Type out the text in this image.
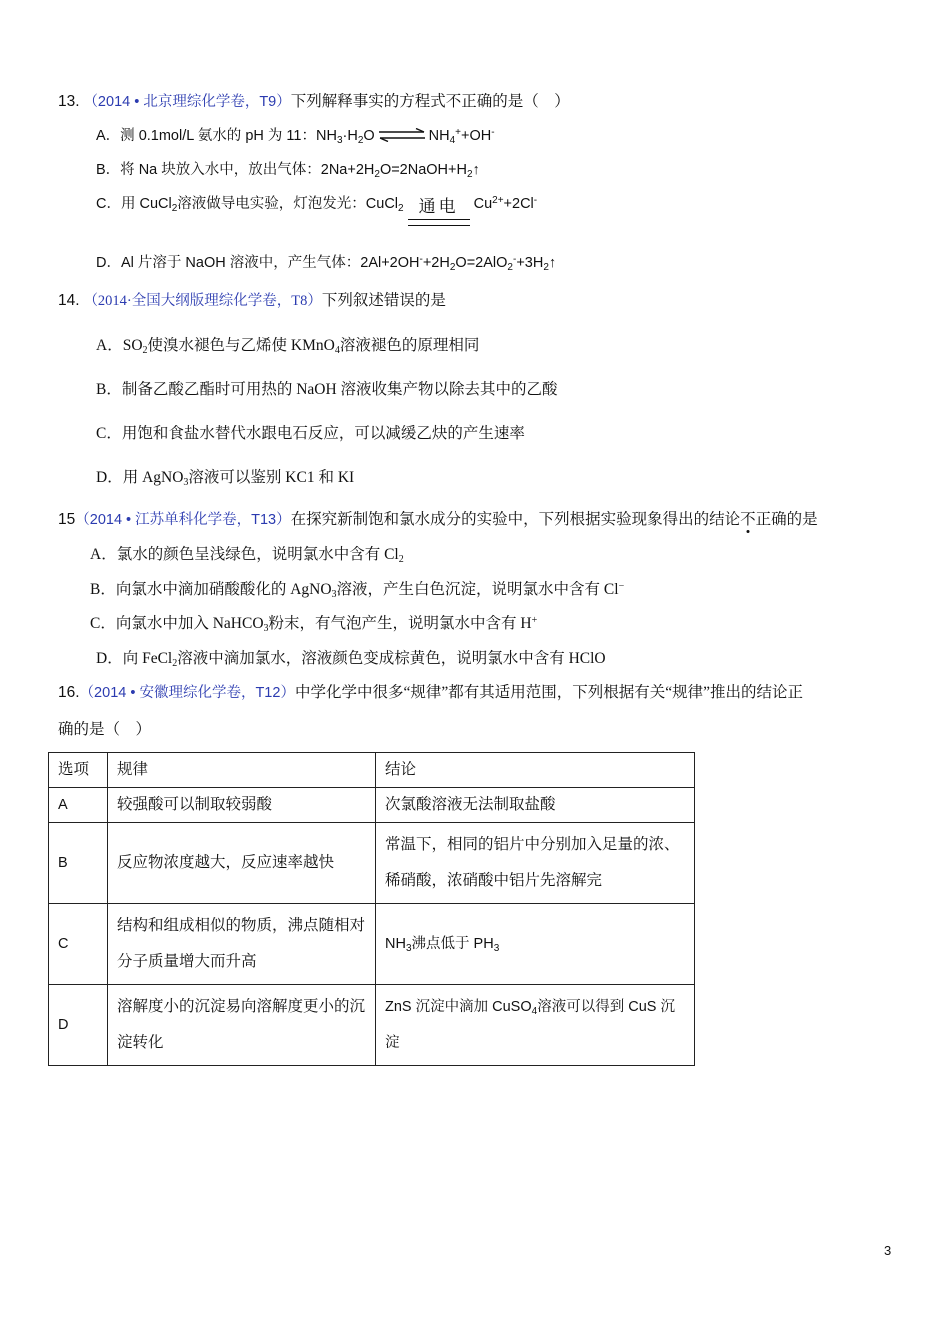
13. （2014 • 北京理综化学卷，T9）下列解释事实的方程式不正确的是（　）
A．测 0.1mol/L 氨水的 pH 为 11：$NH_3\cdot H_2O$ ⇌ $NH_4^++OH^-$
B．将 Na 块放入水中，放出气体：$2Na+2H_2O=2NaOH+H_2↑$
C．用 CuCl$_2$溶液做导电实验，灯泡发光：CuCl$_2$ 通电 $Cu^{2+}+2Cl^-$
D．Al 片溶于 NaOH 溶液中，产生气体：$2Al+2OH^-+2H_2O=2AlO_2^-+3H_2↑$
14. （2014·全国大纲版理综化学卷，T8）下列叙述错误的是
A．$SO_2$使溴水褪色与乙烯使 KMnO$_4$溶液褪色的原理相同
B．制备乙酸乙酯时可用热的 NaOH 溶液收集产物以除去其中的乙酸
C．用饱和食盐水替代水跟电石反应，可以减缓乙炔的产生速率
D．用 AgNO$_3$溶液可以鉴别 KC1 和 KI
15（2014 • 江苏单科化学卷，T13）在探究新制饱和氯水成分的实验中，下列根据实验现象得出的结论不正确的是
A．氯水的颜色呈浅绿色，说明氯水中含有 $Cl_2$
B．向氯水中滴加硝酸酸化的 AgNO$_3$溶液，产生白色沉淀，说明氯水中含有 Cl−
C．向氯水中加入 NaHCO$_3$粉末，有气泡产生，说明氯水中含有 H+
D．向 FeCl$_2$溶液中滴加氯水，溶液颜色变成棕黄色，说明氯水中含有 HClO
16.（2014 • 安徽理综化学卷，T12）中学化学中很多“规律”都有其适用范围，下列根据有关“规律”推出的结论正
确的是（　）
选项	规律	结论
A	较强酸可以制取较弱酸	次氯酸溶液无法制取盐酸
B	反应物浓度越大，反应速率越快	常温下，相同的铝片中分别加入足量的浓、稀硝酸，浓硝酸中铝片先溶解完
C	结构和组成相似的物质，沸点随相对分子质量增大而升高	$NH_3$沸点低于 $PH_3$
D	溶解度小的沉淀易向溶解度更小的沉淀转化	ZnS 沉淀中滴加 CuSO$_4$溶液可以得到 CuS 沉淀
3
